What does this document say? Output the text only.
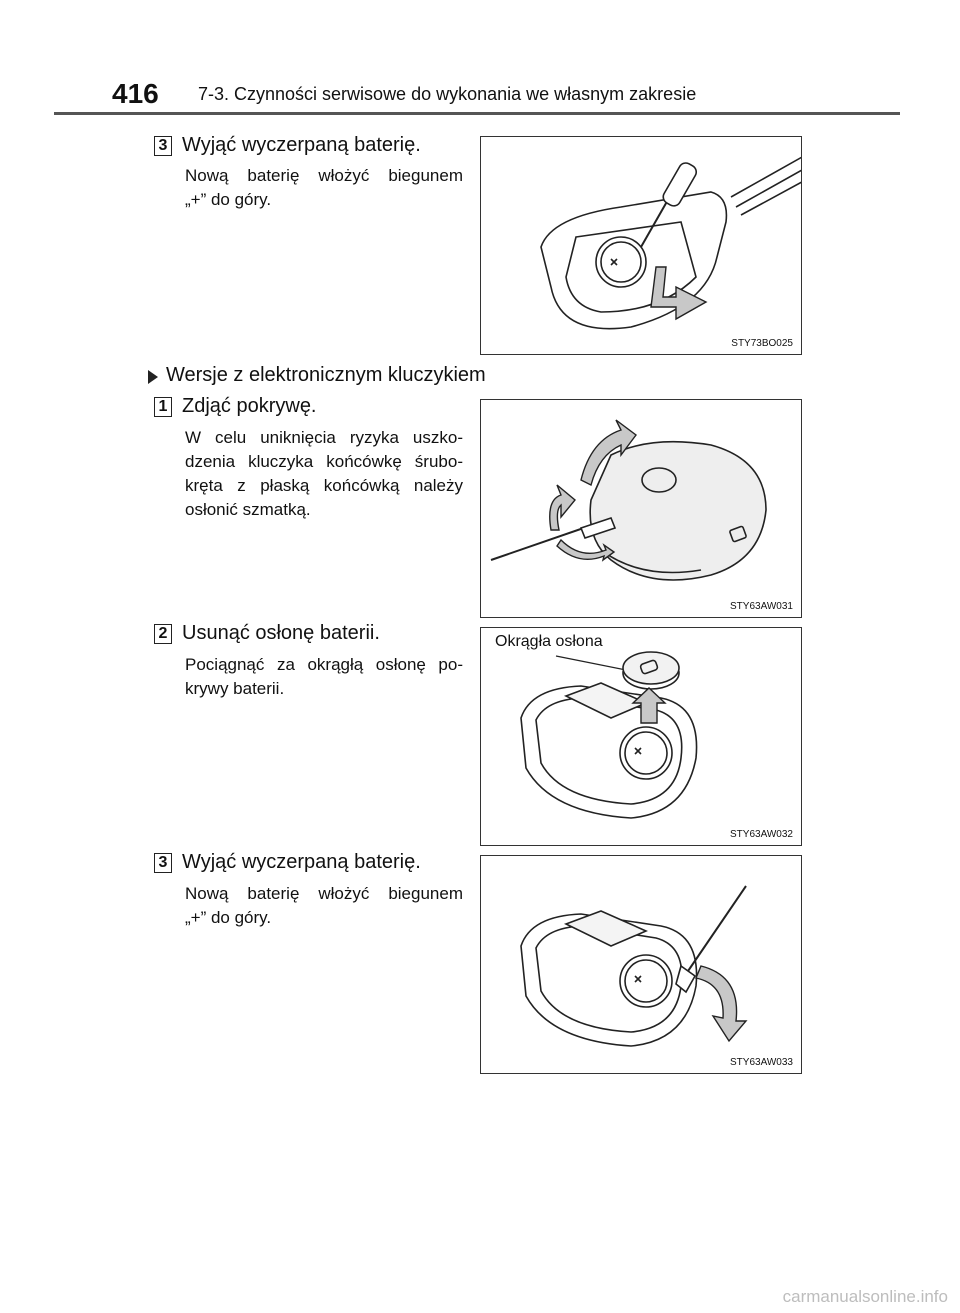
416 7-3. Czynności serwisowe do wykonania we własnym zakresie
3 Wyjąć wyczerpaną baterię.
Nową baterię włożyć biegunem
„+” do góry.
STY73BO025
Wersje z elektronicznym kluczykiem
1 Zdjąć pokrywę.
W celu uniknięcia ryzyka uszko-
dzenia kluczyka końcówkę śrubo-
kręta z płaską końcówką należy
osłonić szmatką.
STY63AW031
2 Usunąć osłonę baterii.
Pociągnąć za okrągłą osłonę po-
krywy baterii.
Okrągła osłona
STY63AW032
3 Wyjąć wyczerpaną baterię.
Nową baterię włożyć biegunem
„+” do góry.
STY63AW033
carmanualsonline.info
